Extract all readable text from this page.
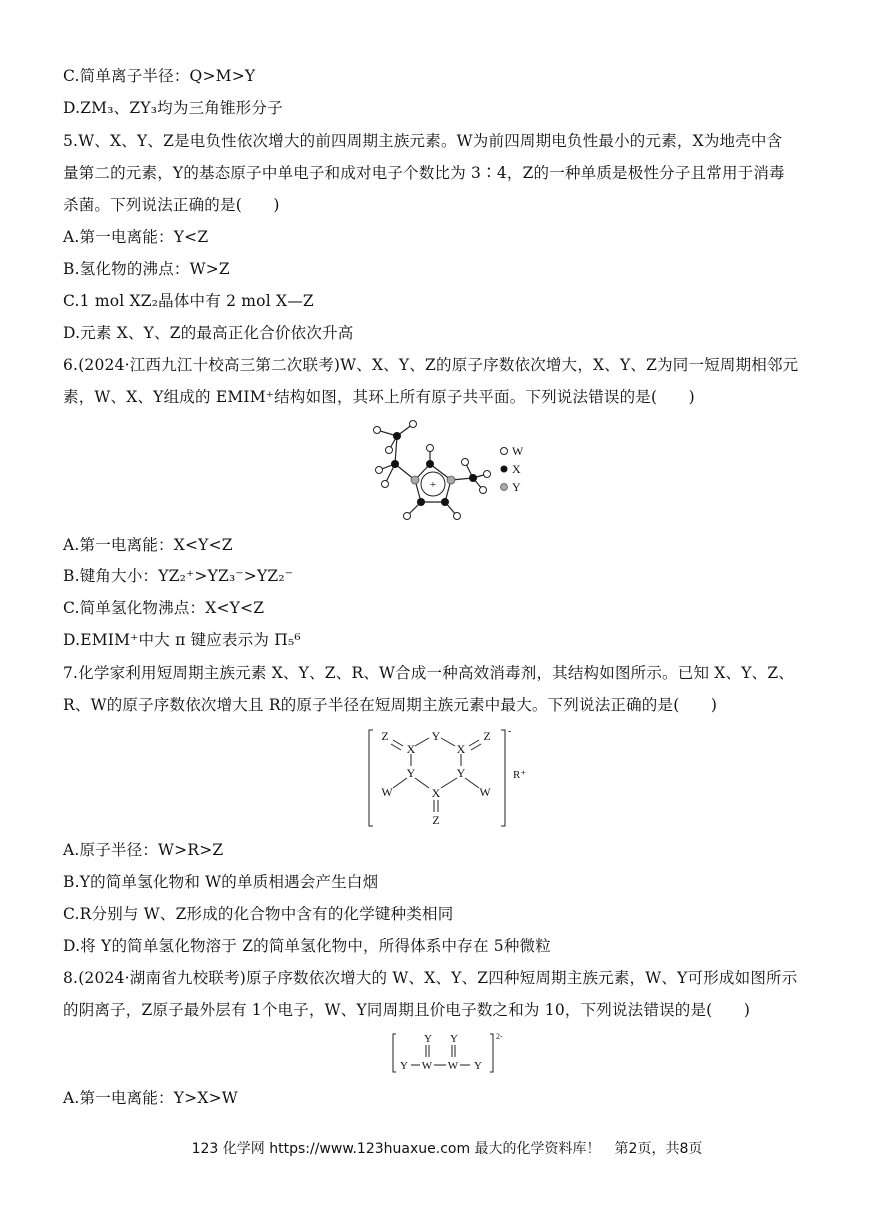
C.简单离子半径：Q>M>Y
D.ZM₃、ZY₃均为三角锥形分子
5.W、X、Y、Z是电负性依次增大的前四周期主族元素。W为前四周期电负性最小的元素，X为地壳中含
量第二的元素，Y的基态原子中单电子和成对电子个数比为 3∶4，Z的一种单质是极性分子且常用于消毒
杀菌。下列说法正确的是(　　)
A.第一电离能：Y<Z
B.氢化物的沸点：W>Z
C.1 mol XZ₂晶体中有 2 mol X—Z
D.元素 X、Y、Z的最高正化合价依次升高
6.(2024·江西九江十校高三第二次联考)W、X、Y、Z的原子序数依次增大，X、Y、Z为同一短周期相邻元
素，W、X、Y组成的 EMIM⁺结构如图，其环上所有原子共平面。下列说法错误的是(　　)
+
W
X
Y
A.第一电离能：X<Y<Z
B.键角大小：YZ₂⁺>YZ₃⁻>YZ₂⁻
C.简单氢化物沸点：X<Y<Z
D.EMIM⁺中大 π 键应表示为 Π₅⁶
7.化学家利用短周期主族元素 X、Y、Z、R、W合成一种高效消毒剂，其结构如图所示。已知 X、Y、Z、
R、W的原子序数依次增大且 R的原子半径在短周期主族元素中最大。下列说法正确的是(　　)
Z
X
Y
X
Z
Y	Y
W	X	W
Z
-
R⁺
A.原子半径：W>R>Z
B.Y的简单氢化物和 W的单质相遇会产生白烟
C.R分别与 W、Z形成的化合物中含有的化学键种类相同
D.将 Y的简单氢化物溶于 Z的简单氢化物中，所得体系中存在 5种微粒
8.(2024·湖南省九校联考)原子序数依次增大的 W、X、Y、Z四种短周期主族元素，W、Y可形成如图所示
的阴离子，Z原子最外层有 1个电子，W、Y同周期且价电子数之和为 10，下列说法错误的是(　　)
Y Y
Y W W Y
2-
A.第一电离能：Y>X>W
123 化学网 https://www.123huaxue.com 最大的化学资料库！　第2页，共8页
